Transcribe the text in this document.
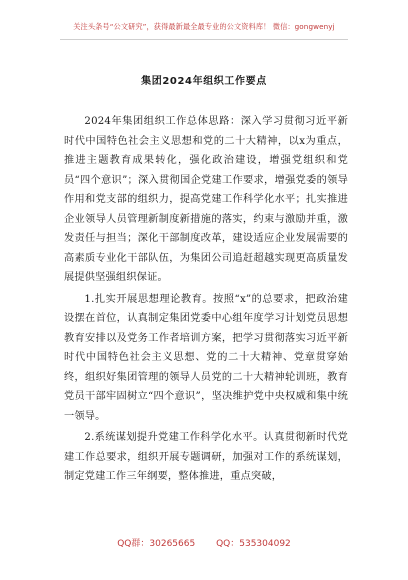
关注头条号“公文研究”，获得最新最全最专业的公文资料库！ 微信：gongwenyj
集团2024年组织工作要点

2024年集团组织工作总体思路：深入学习贯彻习近平新时代中国特色社会主义思想和党的二十大精神，以x为重点，推进主题教育成果转化，强化政治建设，增强党组织和党员“四个意识”；深入贯彻国企党建工作要求，增强党委的领导作用和党支部的组织力，提高党建工作科学化水平；扎实推进企业领导人员管理新制度新措施的落实，约束与激励并重，激发责任与担当；深化干部制度改革，建设适应企业发展需要的高素质专业化干部队伍，为集团公司追赶超越实现更高质量发展提供坚强组织保证。

1.扎实开展思想理论教育。按照“x”的总要求，把政治建设摆在首位，认真制定集团党委中心组年度学习计划党员思想教育安排以及党务工作者培训方案，把学习贯彻落实习近平新时代中国特色社会主义思想、党的二十大精神、党章贯穿始终，组织好集团管理的领导人员党的二十大精神轮训班，教育党员干部牢固树立“四个意识”，坚决维护党中央权威和集中统一领导。

2.系统谋划提升党建工作科学化水平。认真贯彻新时代党建工作总要求，组织开展专题调研，加强对工作的系统谋划，制定党建工作三年纲要，整体推进，重点突破，

QQ群：30265665 QQ：535304092
